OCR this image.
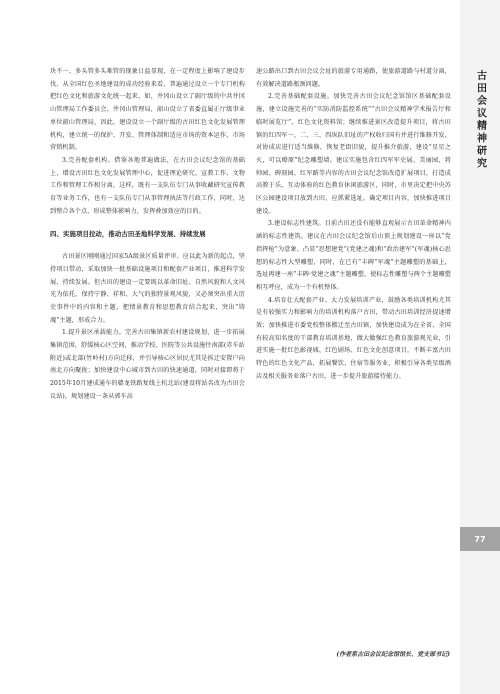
块不一、多头管多头难管的现象日益显现，在一定程度上影响了建设步伐。从全国红色圣地建设的成功经验来看，普遍通过设立一个专门机构把红色文化和旅游文化统一起来，如，井冈山设立了副厅级的中共井冈山管理局工作委员会、井冈山管理局，韶山设立了省委直属正厅级事业单位韶山管理局，因此，建设设立一个副厅级的古田红色文化发展管理机构，建立统一的保护、开发、管理体制和适应市场的资本运作、市场营销机制。

3.完善配套机构。借鉴各地普遍做法，在古田会议纪念馆的基础上，增设古田红色文化发展管理中心，促进理论研究、宣教工作、文物工作和管理工作相分离，这样，既有一支队伍专门从事收藏研究宣传教育等业务工作，也有一支队伍专门从事管理执法等行政工作，同时，达到整合各个点、形成整体影响力，发挥叠加效应的目的。

四、实施项目拉动，推动古田圣地科学发展、持续发展

古田景区刚刚通过国家5A级景区质量评审。应以此为新的起点，坚持项目带动，采取加快一批基础设施项目和配套产业项目，推进科学发展、持续发展。但古田的建设一定要既以革命旧址、自然风貌和人文风光为依托，保持宁静、祥和、大气的独特景观风貌，又必须突出重大历史事件中的内容和主题，把情景教育和思想教育结合起来，突出“铸魂”主题，形成合力。

1.提升景区承载能力。完善古田集镇新农村建设规划，进一步拓展集镇范围，舒缓核心区空间，推动学校、医院等公共设施往南部(赤车站附近)或北部(竹岭村)方向迁移，并引导核心区居民尤其是拆迁安置户向南北方向聚拢；加快建设中心城市到古田的快速通道，同时对接即将于2015年10月建成通车的赣龙铁路复线上杭北站(建设将站名改为古田会议站)，规划建设一条从郭车高

速公路出口到古田会议会址的旅游专用通路，使旅游道路与村道分离，有效解决道路瓶颈问题。

2.完善基础配套设施。加快完善古田会议纪念馆馆区基础配套设施，建立设施完善的“实防消防监控系统”“古田会议精神学术报告厅和临时展览厅”、红色文化资料馆；继续推进景区改造提升项目，将古田镇的红四军一、二、三、四纵队旧址的产权收归国有并进行维修开发，对协成店进行适当维修，恢复老街旧貌，提升推介旅游，建设“星星之火，可以燎原”纪念雕塑墙。建议实施包含红四军军史展、美丽园、将帅园、碑刻园、红军路等内容的古田会议纪念馆改造扩展项目，打造成高教于乐、互动体验的红色教育休闲旅游区，同时，市里决定把中央苏区公园建设项目放到古田，应抓紧选址，确定项目内容，加快推进项目建设。

3.建设标志性建筑。目前古田还没有能够直观展示古田革命精神内涵的标志性建筑。建议在古田会议纪念馆后山顶上规划建设一座以“党指挥枪”为意象、凸显“思想建党”(党建之魂)和“政治建军”(军魂)核心思想的标志性大型雕塑，同时，在已有“丰碑”军魂”主题雕塑的基础上，选址再建一座“丰碑·党建之魂”主题雕塑，使标志性雕塑与两个主题雕塑相互呼应，成为一个有机整体。

4.培育壮大配套产业。大力发展培训产业，鼓励各类培训机构尤其是有较强实力和影响力的培训机构落户古田，带动古田培训经济提速增效；加快推进市委党校整体搬迁至古田镇，加快建设成为在全省、全国有较高知名度的干部教育培训基地，做大做强红色教育旅游观光业，引进实施一批红色影视城、红色剧场、红色文化创意项目，不断丰富古田特色的红色文化产品，拓展餐饮、住宿等服务业，积极引导各类星级酒店及相关服务业落户古田，进一步提升旅游接待能力。

(作者系古田会议纪念馆馆长、党支部书记)
古田会议精神研究
77
